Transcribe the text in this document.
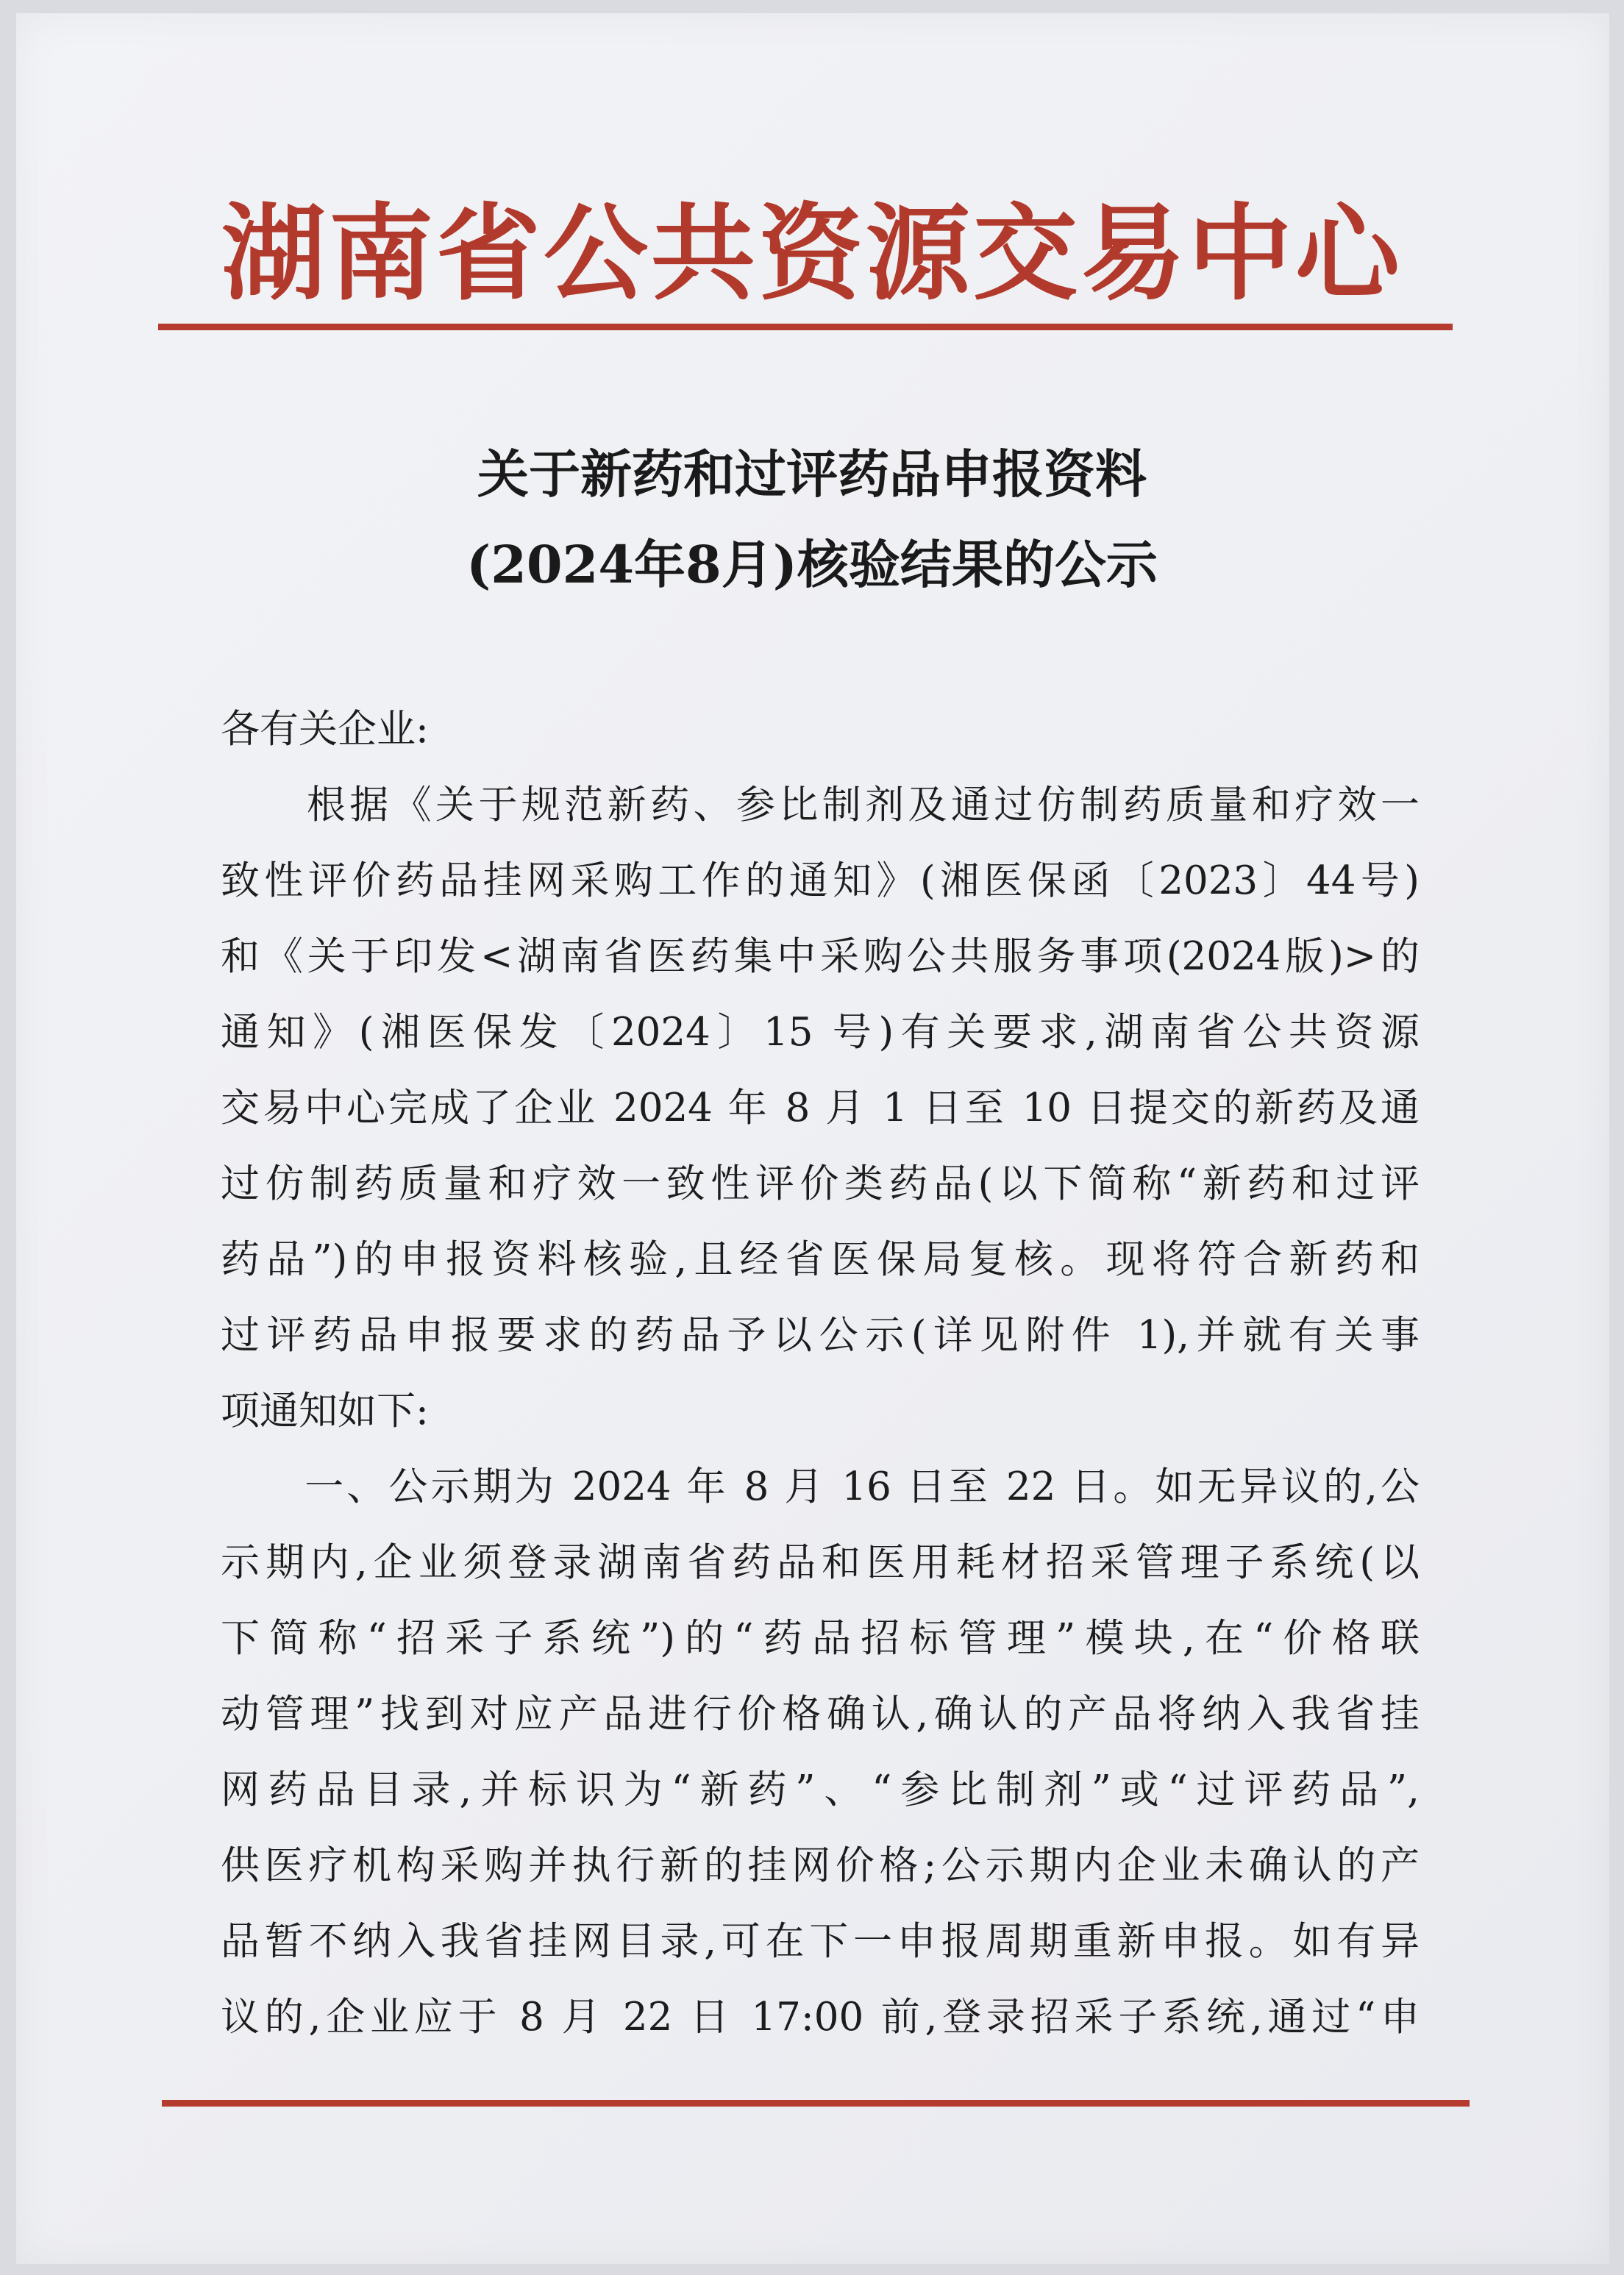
湖南省公共资源交易中心
关于新药和过评药品申报资料
(2024年8月)核验结果的公示
各有关企业:
　　根据《关于规范新药、参比制剂及通过仿制药质量和疗效一
致性评价药品挂网采购工作的通知》(湘医保函〔2023〕44号)
和《关于印发<湖南省医药集中采购公共服务事项(2024版)>的
通知》(湘医保发〔2024〕15 号)有关要求,湖南省公共资源
交易中心完成了企业 2024 年 8 月 1 日至 10 日提交的新药及通
过仿制药质量和疗效一致性评价类药品(以下简称“新药和过评
药品”)的申报资料核验,且经省医保局复核。现将符合新药和
过评药品申报要求的药品予以公示(详见附件 1),并就有关事
项通知如下:
　　一、公示期为 2024 年 8 月 16 日至 22 日。如无异议的,公
示期内,企业须登录湖南省药品和医用耗材招采管理子系统(以
下简称“招采子系统”)的“药品招标管理”模块,在“价格联
动管理”找到对应产品进行价格确认,确认的产品将纳入我省挂
网药品目录,并标识为“新药”、“参比制剂”或“过评药品”,
供医疗机构采购并执行新的挂网价格;公示期内企业未确认的产
品暂不纳入我省挂网目录,可在下一申报周期重新申报。如有异
议的,企业应于 8 月 22 日 17:00 前,登录招采子系统,通过“申
